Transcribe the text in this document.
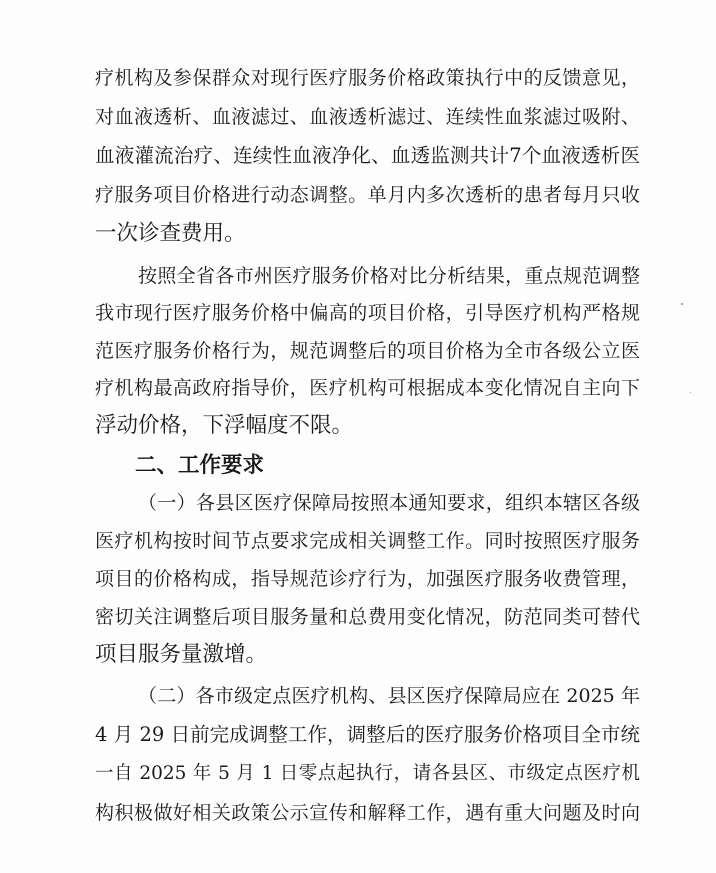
疗机构及参保群众对现行医疗服务价格政策执行中的反馈意见，
对血液透析、血液滤过、血液透析滤过、连续性血浆滤过吸附、
血液灌流治疗、连续性血液净化、血透监测共计7个血液透析医
疗服务项目价格进行动态调整。单月内多次透析的患者每月只收
一次诊查费用。
按照全省各市州医疗服务价格对比分析结果，重点规范调整
我市现行医疗服务价格中偏高的项目价格，引导医疗机构严格规
范医疗服务价格行为，规范调整后的项目价格为全市各级公立医
疗机构最高政府指导价，医疗机构可根据成本变化情况自主向下
浮动价格，下浮幅度不限。
二、工作要求
（一）各县区医疗保障局按照本通知要求，组织本辖区各级
医疗机构按时间节点要求完成相关调整工作。同时按照医疗服务
项目的价格构成，指导规范诊疗行为，加强医疗服务收费管理，
密切关注调整后项目服务量和总费用变化情况，防范同类可替代
项目服务量激增。
（二）各市级定点医疗机构、县区医疗保障局应在 2025 年
4 月 29 日前完成调整工作，调整后的医疗服务价格项目全市统
一自 2025 年 5 月 1 日零点起执行，请各县区、市级定点医疗机
构积极做好相关政策公示宣传和解释工作，遇有重大问题及时向
